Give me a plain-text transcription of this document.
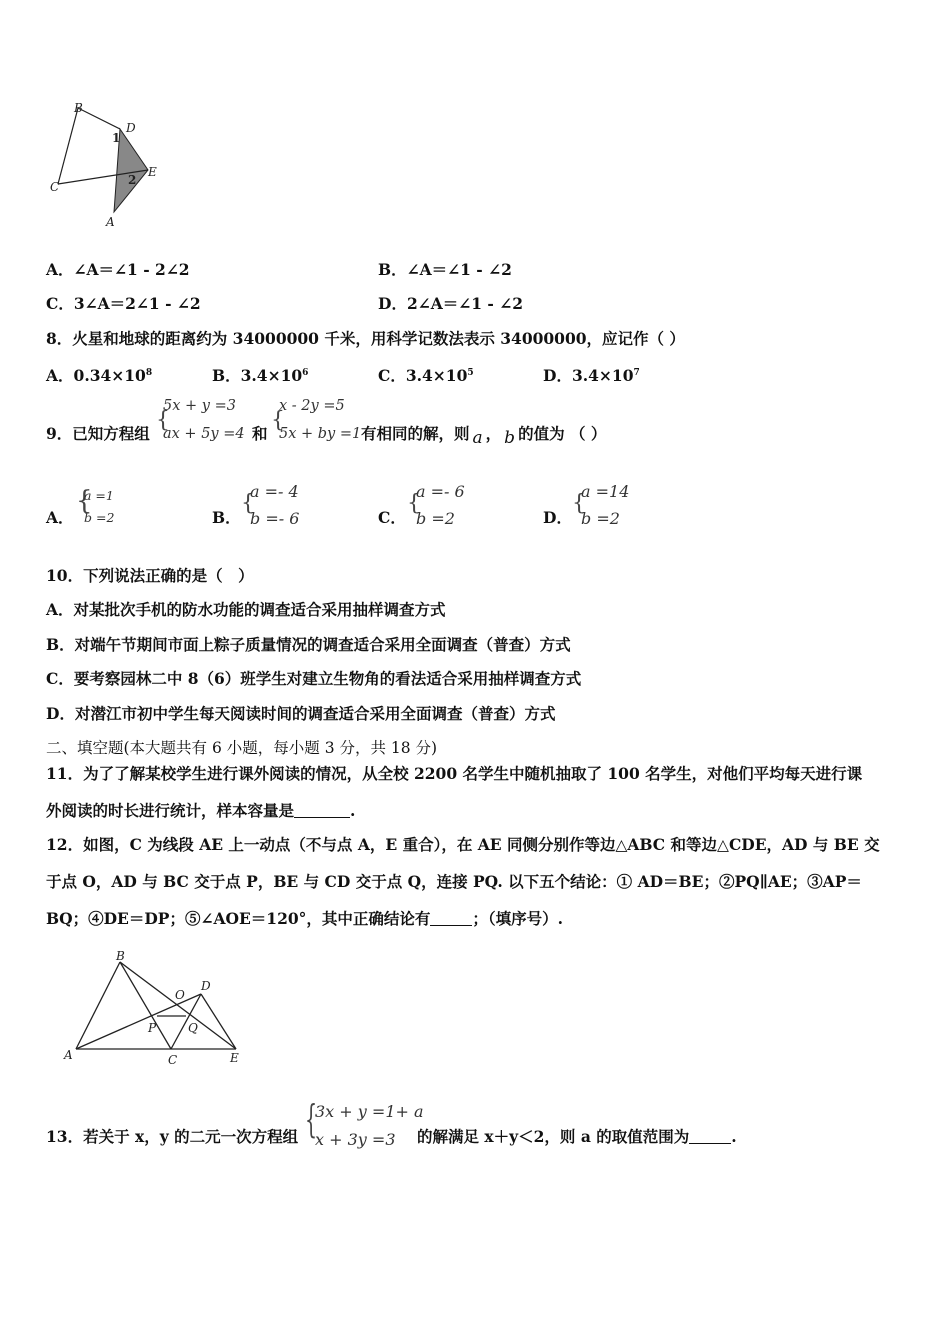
B
D
1
E
C	2
A
A．∠A＝∠1 - 2∠2	B．∠A＝∠1 - ∠2
C．3∠A＝2∠1 - ∠2	D．2∠A＝∠1 - ∠2
8．火星和地球的距离约为 34000000 千米，用科学记数法表示 34000000，应记作（ ）
A．$0.34\times 10^8$	B．$3.4\times 10^6$	C．$3.4\times 10^5$	D．$3.4\times 10^7$
9．已知方程组
{
5x + y =3
ax + 5y =4 和
{
x - 2y =5
5x + by =1 有相同的解，则 a ， b 的值为 （ ）
A．
{
a =1
b =2	B．
{
a =- 4
b =- 6	C．
{
a =- 6
b =2	D．
{
a =14
b =2
10．下列说法正确的是（　）
A．对某批次手机的防水功能的调查适合采用抽样调查方式
B．对端午节期间市面上粽子质量情况的调查适合采用全面调查（普查）方式
C．要考察园林二中 8（6）班学生对建立生物角的看法适合采用抽样调查方式
D．对潜江市初中学生每天阅读时间的调查适合采用全面调查（普查）方式
二、填空题(本大题共有 6 小题，每小题 3 分，共 18 分)
11．为了了解某校学生进行课外阅读的情况，从全校 2200 名学生中随机抽取了 100 名学生，对他们平均每天进行课
外阅读的时长进行统计，样本容量是	.
12．如图，C 为线段 AE 上一动点（不与点 A，E 重合），在 AE 同侧分别作等边△ABC 和等边△CDE，AD 与 BE 交
于点 O，AD 与 BC 交于点 P，BE 与 CD 交于点 Q，连接 PQ. 以下五个结论：① AD＝BE；②PQ∥AE；③AP＝
BQ；④DE＝DP；⑤∠AOE＝120°，其中正确结论有	；（填序号）.
B
O
D
P	Q
A	C	E
13．若关于 x，y 的二元一次方程组 {
3x + y =1+ a
x + 3y =3 的解满足 x＋y＜2，则 a 的取值范围为	.
